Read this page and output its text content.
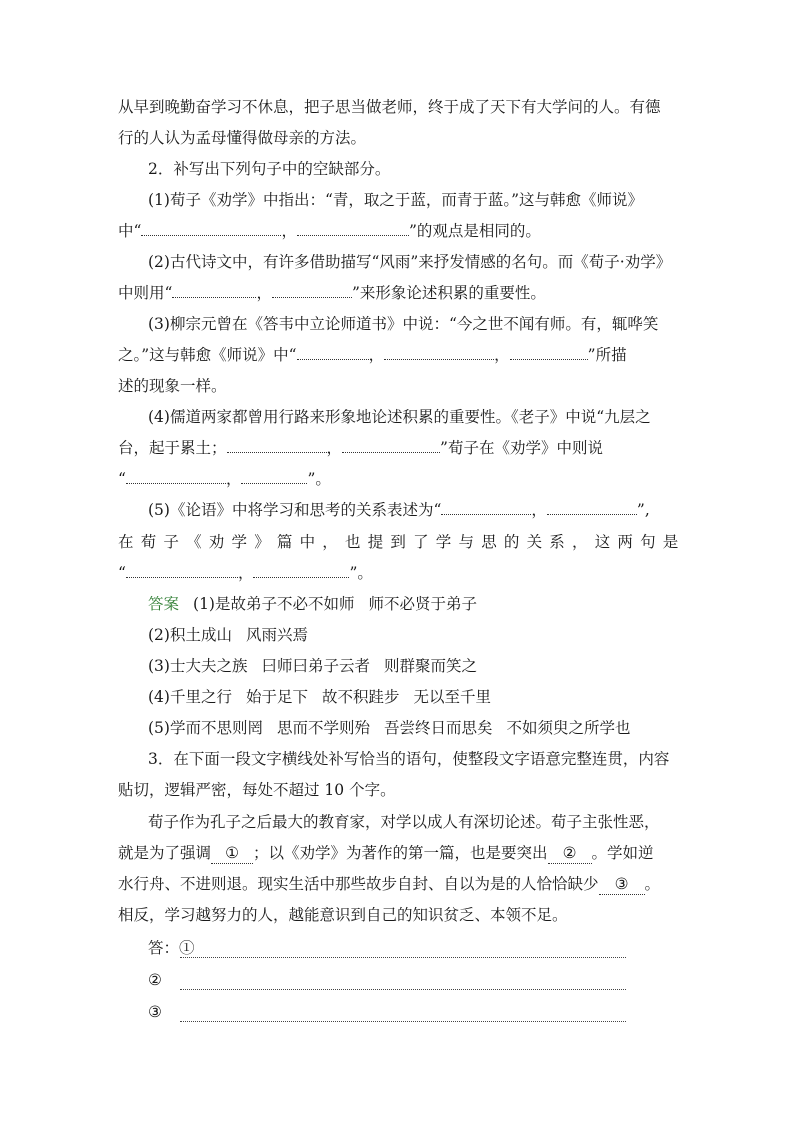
从早到晚勤奋学习不休息，把子思当做老师，终于成了天下有大学问的人。有德
行的人认为孟母懂得做母亲的方法。
2．补写出下列句子中的空缺部分。
(1)荀子《劝学》中指出：“青，取之于蓝，而青于蓝。”这与韩愈《师说》
中“	，	”的观点是相同的。
(2)古代诗文中，有许多借助描写“风雨”来抒发情感的名句。而《荀子·劝学》
中则用“	，	”来形象论述积累的重要性。
(3)柳宗元曾在《答韦中立论师道书》中说：“今之世不闻有师。有，辄哗笑
之。”这与韩愈《师说》中“	，	，	”所描
述的现象一样。
(4)儒道两家都曾用行路来形象地论述积累的重要性。《老子》中说“九层之
台，起于累土；	，	”荀子在《劝学》中则说
“	，	”。
(5)《论语》中将学习和思考的关系表述为“	，	”,
在荀子《劝学》篇中，也提到了学与思的关系，这两句是
“	，	”。
答案 (1)是故弟子不必不如师 师不必贤于弟子
(2)积土成山 风雨兴焉
(3)士大夫之族 曰师曰弟子云者 则群聚而笑之
(4)千里之行 始于足下 故不积跬步 无以至千里
(5)学而不思则罔 思而不学则殆 吾尝终日而思矣 不如须臾之所学也
3．在下面一段文字横线处补写恰当的语句，使整段文字语意完整连贯，内容
贴切，逻辑严密，每处不超过 10 个字。
荀子作为孔子之后最大的教育家，对学以成人有深切论述。荀子主张性恶，
就是为了强调 ① ；以《劝学》为著作的第一篇，也是要突出 ② 。学如逆
水行舟、不进则退。现实生活中那些故步自封、自以为是的人恰恰缺少 ③ 。
相反，学习越努力的人，越能意识到自己的知识贫乏、本领不足。
答：①
②
③
